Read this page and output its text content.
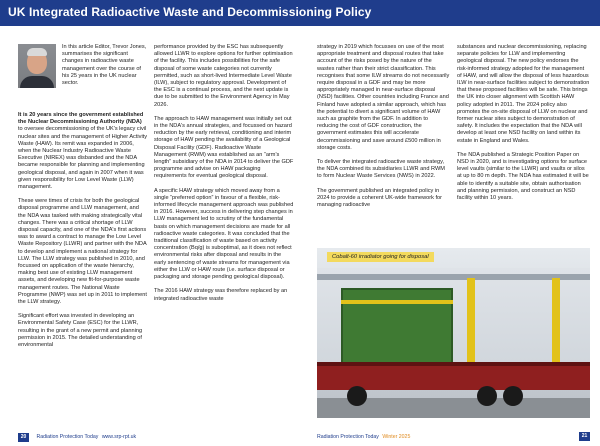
UK Integrated Radioactive Waste and Decommissioning Policy
In this article Editor, Trevor Jones, summarises the significant changes in radioactive waste management over the course of his 25 years in the UK nuclear sector.

It is 20 years since the government established the Nuclear Decommissioning Authority (NDA) to oversee decommissioning of the UK's legacy civil nuclear sites and the management of Higher Activity Waste (HAW). Its remit was expanded in 2006, when the Nuclear Industry Radioactive Waste Executive (NIREX) was disbanded and the NDA became responsible for planning and implementing geological disposal, and again in 2007 when it was given responsibility for Low Level Waste (LLW) management.

These were times of crisis for both the geological disposal programme and LLW management, and the NDA was tasked with making strategically vital changes. There was a critical shortage of LLW disposal capacity, and one of the NDA's first actions was to award a contract to manage the Low Level Waste Repository (LLWR) and partner with the NDA to develop and implement a national strategy for LLW. The LLW strategy was published in 2010, and focussed on application of the waste hierarchy, making best use of existing LLW management assets, and developing new fit-for-purpose waste management routes. The National Waste Programme (NWP) was set up in 2011 to implement the LLW strategy.

Significant effort was invested in developing an Environmental Safety Case (ESC) for the LLWR, resulting in the grant of a new permit and planning permission in 2015. The detailed understanding of environmental

performance provided by the ESC has subsequently allowed LLWR to explore options for further optimisation of the facility. This includes possibilities for the safe disposal of some waste categories not currently permitted, such as short-lived Intermediate Level Waste (ILW), subject to regulatory approval. Development of the ESC is a continual process, and the next update is due to be submitted to the Environment Agency in May 2026.

The approach to HAW management was initially set out in the NDA's annual strategies, and focussed on hazard reduction by the early retrieval, conditioning and interim storage of HAW pending the availability of a Geological Disposal Facility (GDF). Radioactive Waste Management (RWM) was established as an “arm's length” subsidiary of the NDA in 2014 to deliver the GDF programme and advise on HAW packaging requirements for eventual geological disposal.

A specific HAW strategy which moved away from a single “preferred option” in favour of a flexible, risk-informed lifecycle management approach was published in 2016. However, success in delivering step changes in LLW management led to scrutiny of the fundamental basis on which management decisions are made for all radioactive waste categories. It was concluded that the traditional classification of waste based on activity concentration (Bq/g) is suboptimal, as it does not reflect environmental risks after disposal and results in the early sentencing of waste streams for management via either the LLW or HAW route (i.e. surface disposal or packaging and storage pending geological disposal).

The 2016 HAW strategy was therefore replaced by an integrated radioactive waste

strategy in 2019 which focusses on use of the most appropriate treatment and disposal routes that take account of the risks posed by the nature of the wastes rather than their strict classification. This recognises that some ILW streams do not necessarily require disposal in a GDF and may be more appropriately managed in near-surface disposal (NSD) facilities. Other countries including France and Finland have adopted a similar approach, which has the potential to divert a significant volume of HAW such as graphite from the GDF. In addition to reducing the cost of GDF construction, the government estimates this will accelerate decommissioning and save around £500 million in storage costs.

To deliver the integrated radioactive waste strategy, the NDA combined its subsidiaries LLWR and RWM to form Nuclear Waste Services (NWS) in 2022.

The government published an integrated policy in 2024 to provide a coherent UK-wide framework for managing radioactive

substances and nuclear decommissioning, replacing separate policies for LLW and implementing geological disposal. The new policy endorses the risk-informed strategy adopted for the management of HAW, and will allow the disposal of less hazardous ILW in near-surface facilities subject to demonstration that these proposed facilities will be safe. This brings the UK into closer alignment with Scottish HAW policy adopted in 2011. The 2024 policy also promotes the on-site disposal of LLW on nuclear and former nuclear sites subject to demonstration of safety. It includes the expectation that the NDA will develop at least one NSD facility on land within its estate in England and Wales.

The NDA published a Strategic Position Paper on NSD in 2020, and is investigating options for surface level vaults (similar to the LLWR) and vaults or silos at up to 80 m depth. The NDA has estimated it will be able to identify a suitable site, obtain authorisation and planning permission, and construct an NSD facility within 10 years.

Cobalt-60 irradiator going for disposal
20 Radiation Protection Today www.srp-rpt.uk	Radiation Protection Today Winter 2025	21
